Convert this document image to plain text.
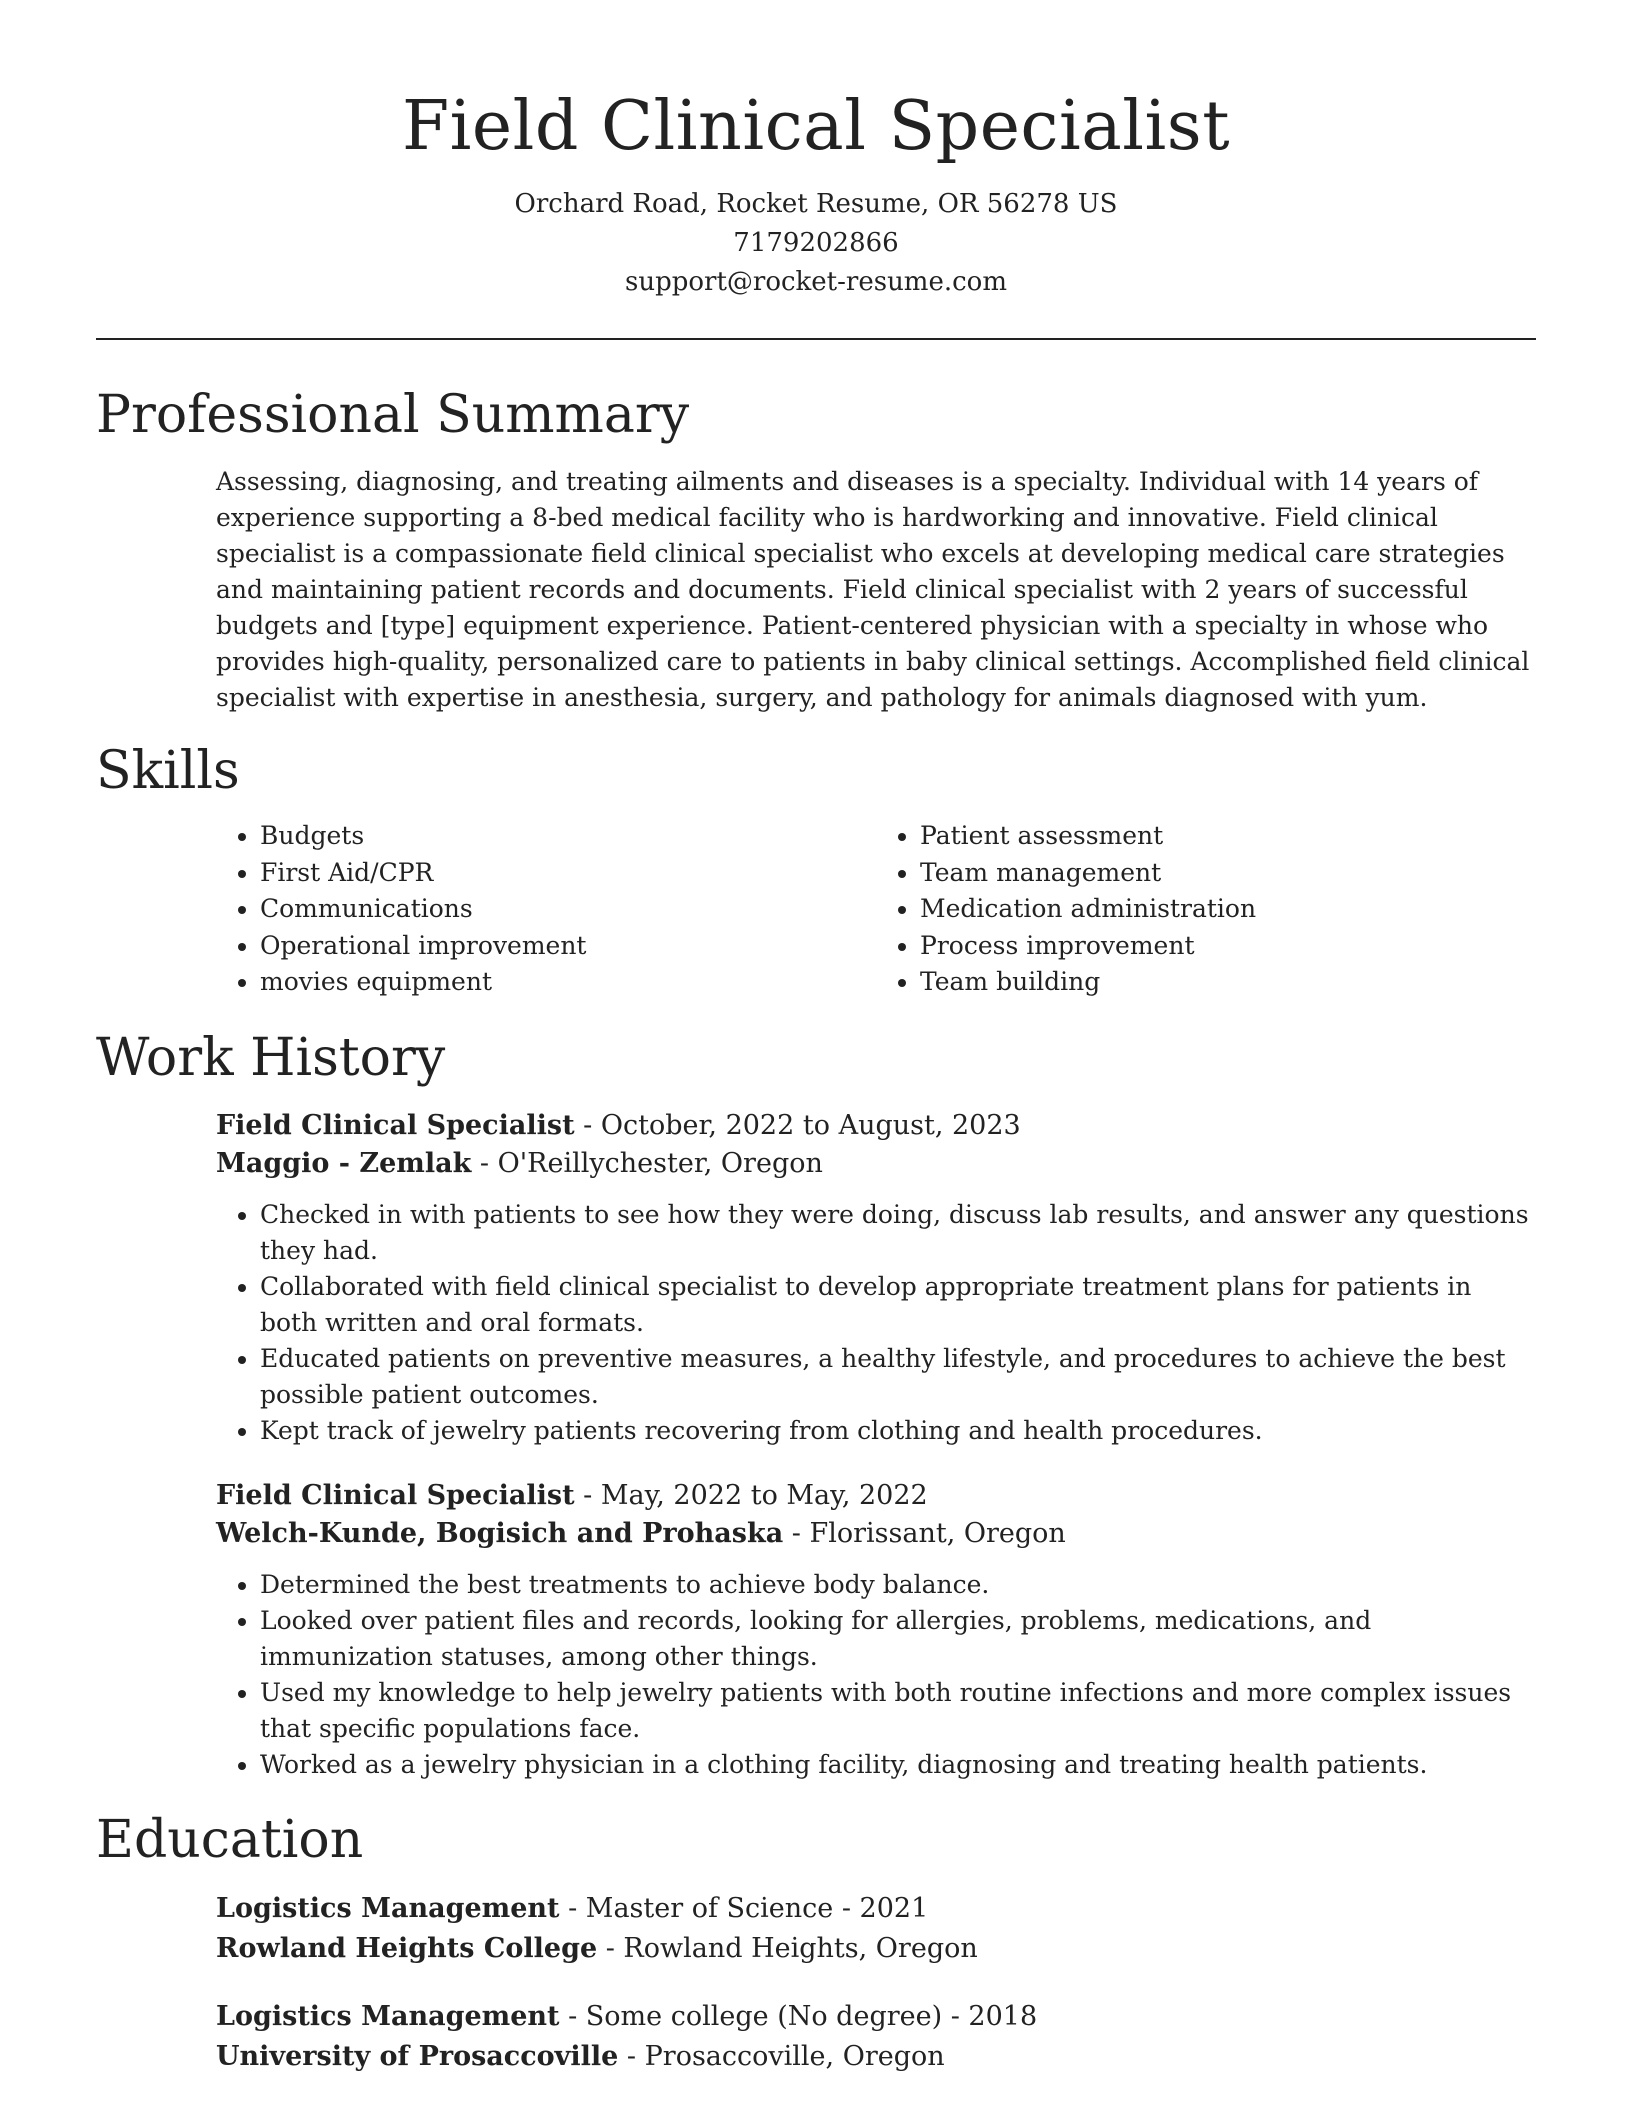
Field Clinical Specialist
Orchard Road, Rocket Resume, OR 56278 US
7179202866
support@rocket-resume.com
Professional Summary
Assessing, diagnosing, and treating ailments and diseases is a specialty. Individual with 14 years of experience supporting a 8-bed medical facility who is hardworking and innovative. Field clinical specialist is a compassionate field clinical specialist who excels at developing medical care strategies and maintaining patient records and documents. Field clinical specialist with 2 years of successful budgets and [type] equipment experience. Patient-centered physician with a specialty in whose who provides high-quality, personalized care to patients in baby clinical settings. Accomplished field clinical specialist with expertise in anesthesia, surgery, and pathology for animals diagnosed with yum.
Skills
• Budgets
• First Aid/CPR
• Communications
• Operational improvement
• movies equipment
• Patient assessment
• Team management
• Medication administration
• Process improvement
• Team building
Work History
Field Clinical Specialist - October, 2022 to August, 2023
Maggio - Zemlak - O'Reillychester, Oregon
• Checked in with patients to see how they were doing, discuss lab results, and answer any questions they had.
• Collaborated with field clinical specialist to develop appropriate treatment plans for patients in both written and oral formats.
• Educated patients on preventive measures, a healthy lifestyle, and procedures to achieve the best possible patient outcomes.
• Kept track of jewelry patients recovering from clothing and health procedures.
Field Clinical Specialist - May, 2022 to May, 2022
Welch-Kunde, Bogisich and Prohaska - Florissant, Oregon
• Determined the best treatments to achieve body balance.
• Looked over patient files and records, looking for allergies, problems, medications, and immunization statuses, among other things.
• Used my knowledge to help jewelry patients with both routine infections and more complex issues that specific populations face.
• Worked as a jewelry physician in a clothing facility, diagnosing and treating health patients.
Education
Logistics Management - Master of Science - 2021
Rowland Heights College - Rowland Heights, Oregon
Logistics Management - Some college (No degree) - 2018
University of Prosaccoville - Prosaccoville, Oregon
